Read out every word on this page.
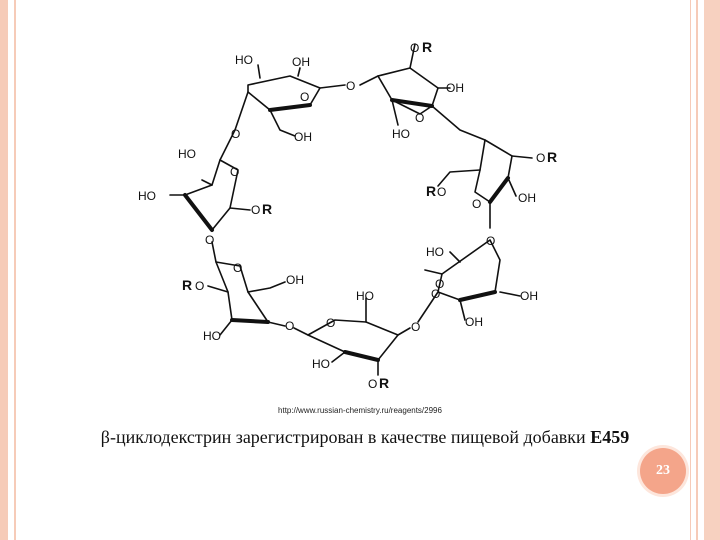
O
O
O
O
O
O
O
O
O
O
O
O
O
O
HO	OH
OH
OH
HO
OH
HO
OH
OH
HO
HO
OH
HO
HO
HO
O R
O R
R O
O R
R O
O R
http://www.russian-chemistry.ru/reagents/2996
β-циклодекстрин зарегистрирован в качестве пищевой добавки E459
23
